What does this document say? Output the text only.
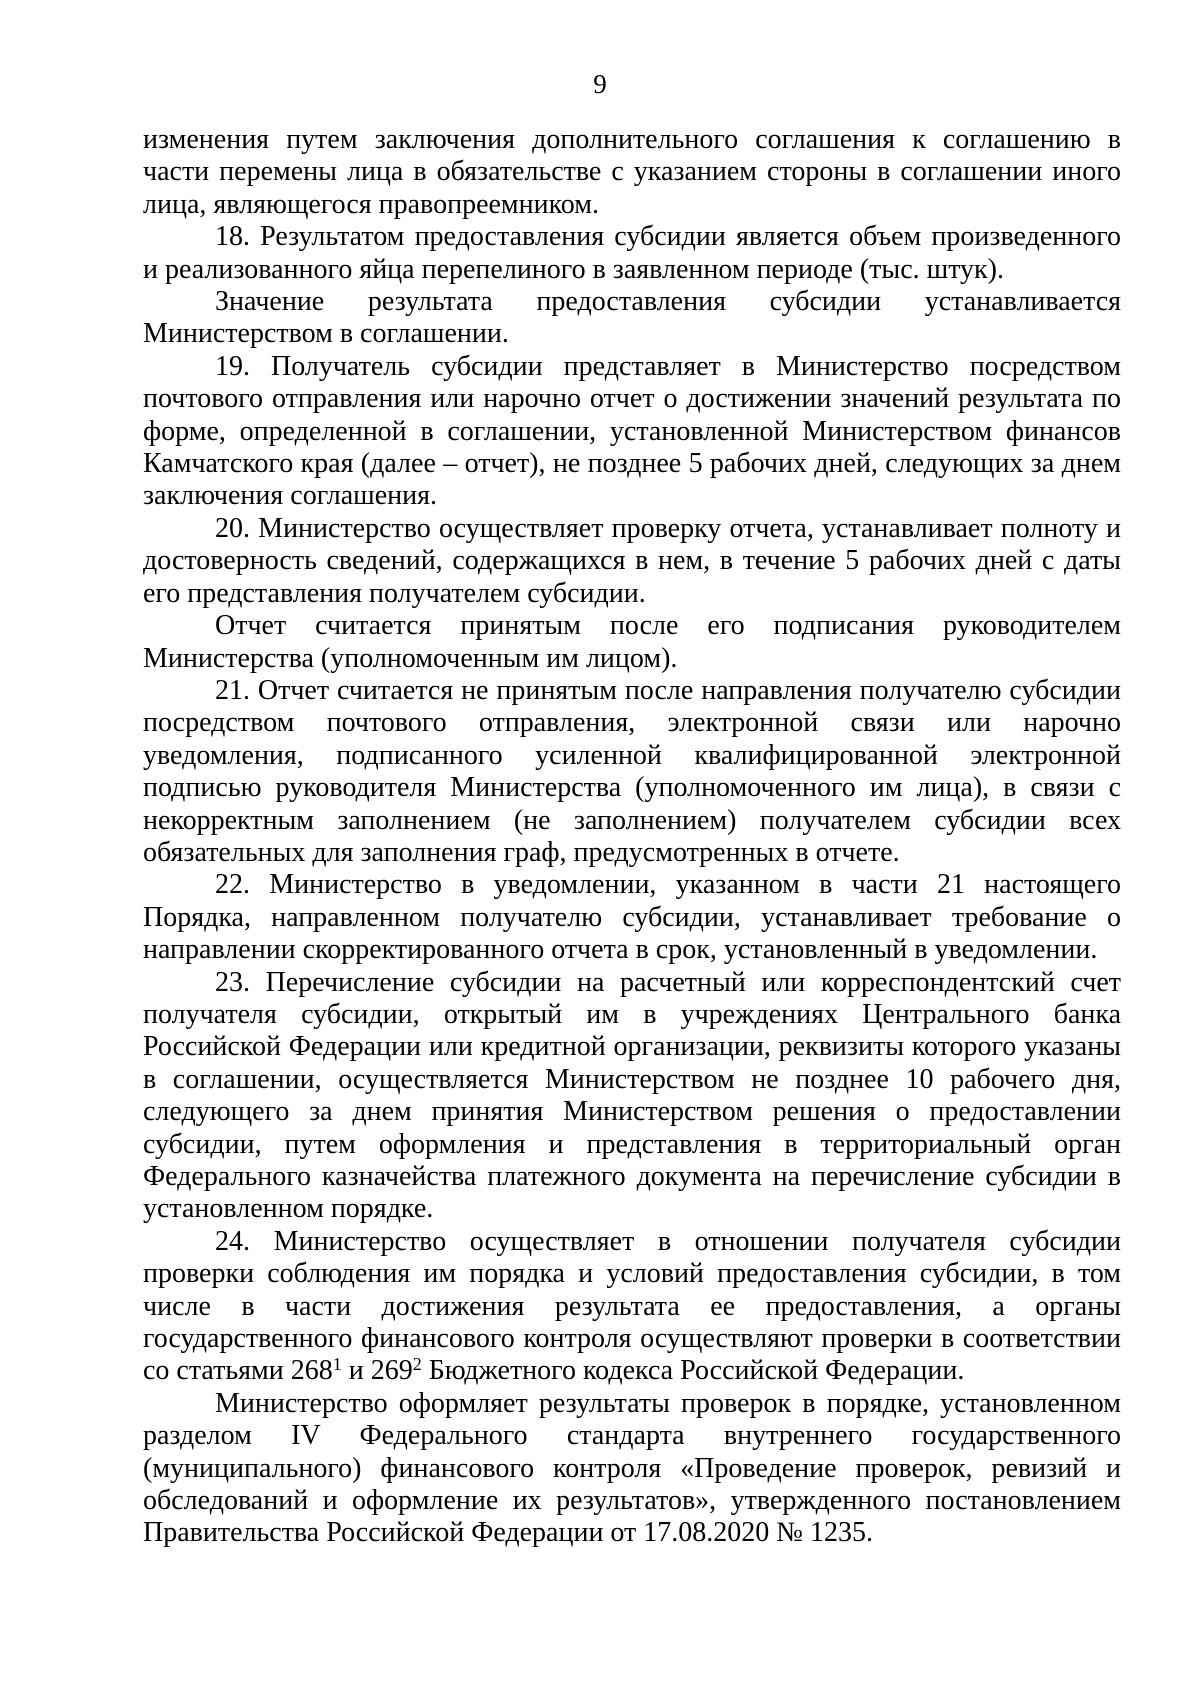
9

изменения путем заключения дополнительного соглашения к соглашению в части перемены лица в обязательстве с указанием стороны в соглашении иного лица, являющегося правопреемником.

18. Результатом предоставления субсидии является объем произведенного и реализованного яйца перепелиного в заявленном периоде (тыс. штук).

Значение результата предоставления субсидии устанавливается Министерством в соглашении.

19. Получатель субсидии представляет в Министерство посредством почтового отправления или нарочно отчет о достижении значений результата по форме, определенной в соглашении, установленной Министерством финансов Камчатского края (далее – отчет), не позднее 5 рабочих дней, следующих за днем заключения соглашения.

20. Министерство осуществляет проверку отчета, устанавливает полноту и достоверность сведений, содержащихся в нем, в течение 5 рабочих дней с даты его представления получателем субсидии.

Отчет считается принятым после его подписания руководителем Министерства (уполномоченным им лицом).

21. Отчет считается не принятым после направления получателю субсидии посредством почтового отправления, электронной связи или нарочно уведомления, подписанного усиленной квалифицированной электронной подписью руководителя Министерства (уполномоченного им лица), в связи с некорректным заполнением (не заполнением) получателем субсидии всех обязательных для заполнения граф, предусмотренных в отчете.

22. Министерство в уведомлении, указанном в части 21 настоящего Порядка, направленном получателю субсидии, устанавливает требование о направлении скорректированного отчета в срок, установленный в уведомлении.

23. Перечисление субсидии на расчетный или корреспондентский счет получателя субсидии, открытый им в учреждениях Центрального банка Российской Федерации или кредитной организации, реквизиты которого указаны в соглашении, осуществляется Министерством не позднее 10 рабочего дня, следующего за днем принятия Министерством решения о предоставлении субсидии, путем оформления и представления в территориальный орган Федерального казначейства платежного документа на перечисление субсидии в установленном порядке.

24. Министерство осуществляет в отношении получателя субсидии проверки соблюдения им порядка и условий предоставления субсидии, в том числе в части достижения результата ее предоставления, а органы государственного финансового контроля осуществляют проверки в соответствии со статьями $268^1$ и $269^2$ Бюджетного кодекса Российской Федерации.

Министерство оформляет результаты проверок в порядке, установленном разделом IV Федерального стандарта внутреннего государственного (муниципального) финансового контроля «Проведение проверок, ревизий и обследований и оформление их результатов», утвержденного постановлением Правительства Российской Федерации от 17.08.2020 № 1235.
